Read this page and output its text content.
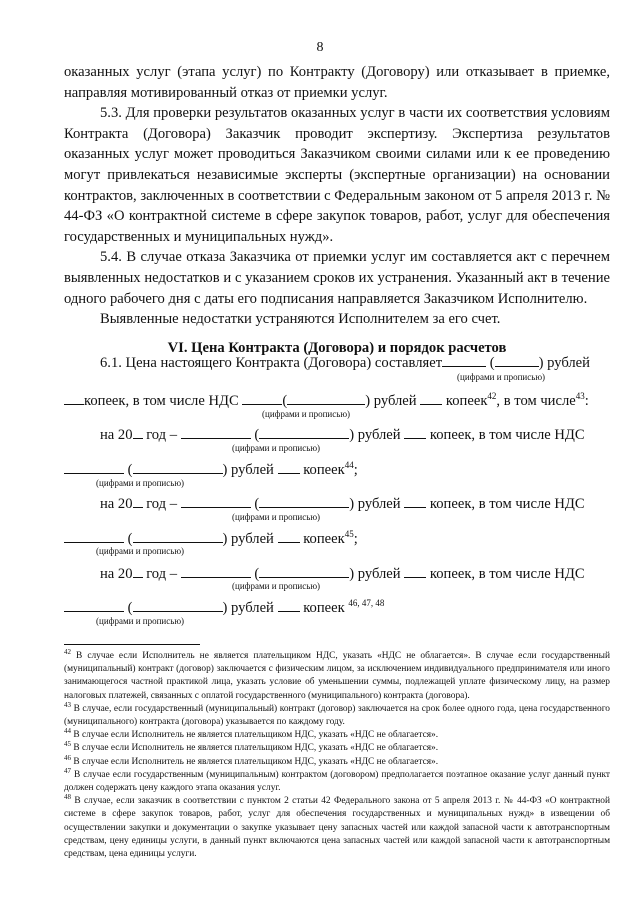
8

оказанных услуг (этапа услуг) по Контракту (Договору) или отказывает в приемке, направляя мотивированный отказ от приемки услуг.

5.3. Для проверки результатов оказанных услуг в части их соответствия условиям Контракта (Договора) Заказчик проводит экспертизу. Экспертиза результатов оказанных услуг может проводиться Заказчиком своими силами или к ее проведению могут привлекаться независимые эксперты (экспертные организации) на основании контрактов, заключенных в соответствии с Федеральным законом от 5 апреля 2013 г. № 44-ФЗ «О контрактной системе в сфере закупок товаров, работ, услуг для обеспечения государственных и муниципальных нужд».

5.4. В случае отказа Заказчика от приемки услуг им составляется акт с перечнем выявленных недостатков и с указанием сроков их устранения. Указанный акт в течение одного рабочего дня с даты его подписания направляется Заказчиком Исполнителю.

Выявленные недостатки устраняются Исполнителем за его счет.

VI. Цена Контракта (Договора) и порядок расчетов
6.1. Цена настоящего Контракта (Договора) составляет	(	) рублей
(цифрами и прописью)
копеек, в том числе НДС	(	) рублей копеек$^{42}$, в том числе$^{43}$:
(цифрами и прописью)
на 20 год –	(	) рублей копеек, в том числе НДС
(цифрами и прописью)
(	) рублей копеек$^{44}$;
(цифрами и прописью)
на 20 год –	(	) рублей копеек, в том числе НДС
(цифрами и прописью)
(	) рублей копеек$^{45}$;
(цифрами и прописью)
на 20 год –	(	) рублей копеек, в том числе НДС
(цифрами и прописью)
(	) рублей копеек $^{46, 47, 48}$
(цифрами и прописью)

$^{42}$ В случае если Исполнитель не является плательщиком НДС, указать «НДС не облагается». В случае если государственный (муниципальный) контракт (договор) заключается с физическим лицом, за исключением индивидуального предпринимателя или иного занимающегося частной практикой лица, указать условие об уменьшении суммы, подлежащей уплате физическому лицу, на размер налоговых платежей, связанных с оплатой государственного (муниципального) контракта (договора).

$^{43}$ В случае, если государственный (муниципальный) контракт (договор) заключается на срок более одного года, цена государственного (муниципального) контракта (договора) указывается по каждому году.

$^{44}$ В случае если Исполнитель не является плательщиком НДС, указать «НДС не облагается».

$^{45}$ В случае если Исполнитель не является плательщиком НДС, указать «НДС не облагается».

$^{46}$ В случае если Исполнитель не является плательщиком НДС, указать «НДС не облагается».

$^{47}$ В случае если государственным (муниципальным) контрактом (договором) предполагается поэтапное оказание услуг данный пункт должен содержать цену каждого этапа оказания услуг.

$^{48}$ В случае, если заказчик в соответствии с пунктом 2 статьи 42 Федерального закона от 5 апреля 2013 г. № 44-ФЗ «О контрактной системе в сфере закупок товаров, работ, услуг для обеспечения государственных и муниципальных нужд» в извещении об осуществлении закупки и документации о закупке указывает цену запасных частей или каждой запасной части к автотранспортным средствам, цену единицы услуги, в данный пункт включаются цена запасных частей или каждой запасной части к автотранспортным средствам, цена единицы услуги.
